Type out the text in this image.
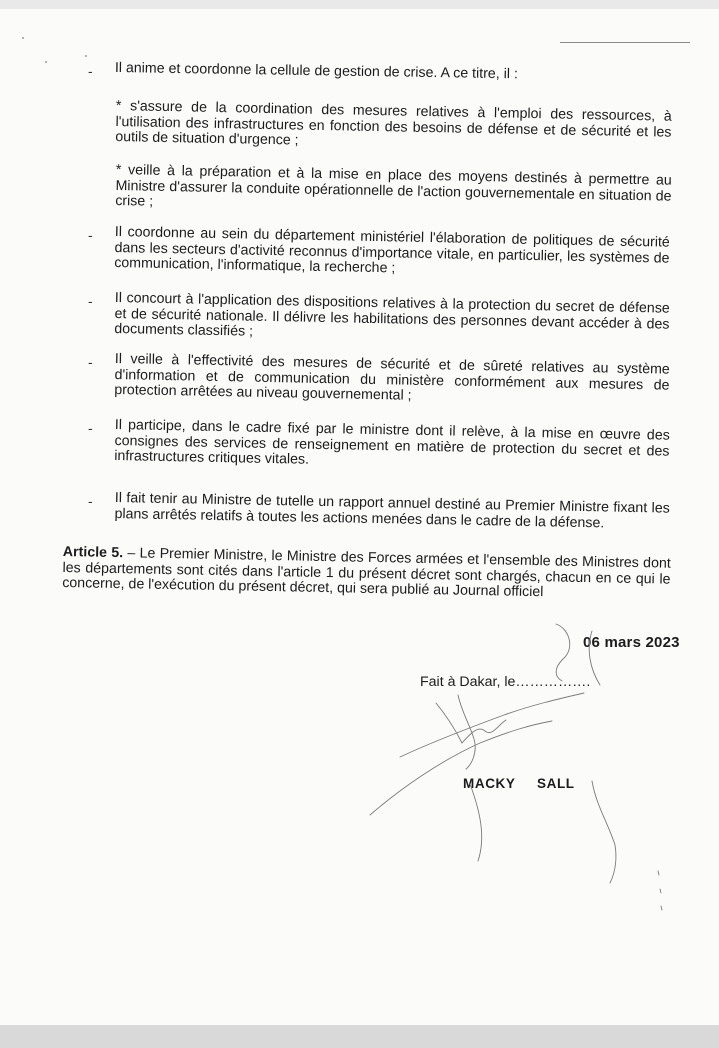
- Il anime et coordonne la cellule de gestion de crise. A ce titre, il :
* s'assure de la coordination des mesures relatives à l'emploi des ressources, à l'utilisation des infrastructures en fonction des besoins de défense et de sécurité et les outils de situation d'urgence ;
* veille à la préparation et à la mise en place des moyens destinés à permettre au Ministre d'assurer la conduite opérationnelle de l'action gouvernementale en situation de crise ;
- Il coordonne au sein du département ministériel l'élaboration de politiques de sécurité dans les secteurs d'activité reconnus d'importance vitale, en particulier, les systèmes de communication, l'informatique, la recherche ;
- Il concourt à l'application des dispositions relatives à la protection du secret de défense et de sécurité nationale. Il délivre les habilitations des personnes devant accéder à des documents classifiés ;
- Il veille à l'effectivité des mesures de sécurité et de sûreté relatives au système d'information et de communication du ministère conformément aux mesures de protection arrêtées au niveau gouvernemental ;
- Il participe, dans le cadre fixé par le ministre dont il relève, à la mise en œuvre des consignes des services de renseignement en matière de protection du secret et des infrastructures critiques vitales.
- Il fait tenir au Ministre de tutelle un rapport annuel destiné au Premier Ministre fixant les plans arrêtés relatifs à toutes les actions menées dans le cadre de la défense.
Article 5. – Le Premier Ministre, le Ministre des Forces armées et l'ensemble des Ministres dont les départements sont cités dans l'article 1 du présent décret sont chargés, chacun en ce qui le concerne, de l'exécution du présent décret, qui sera publié au Journal officiel
06 mars 2023
Fait à Dakar, le…………….
MACKY SALL
